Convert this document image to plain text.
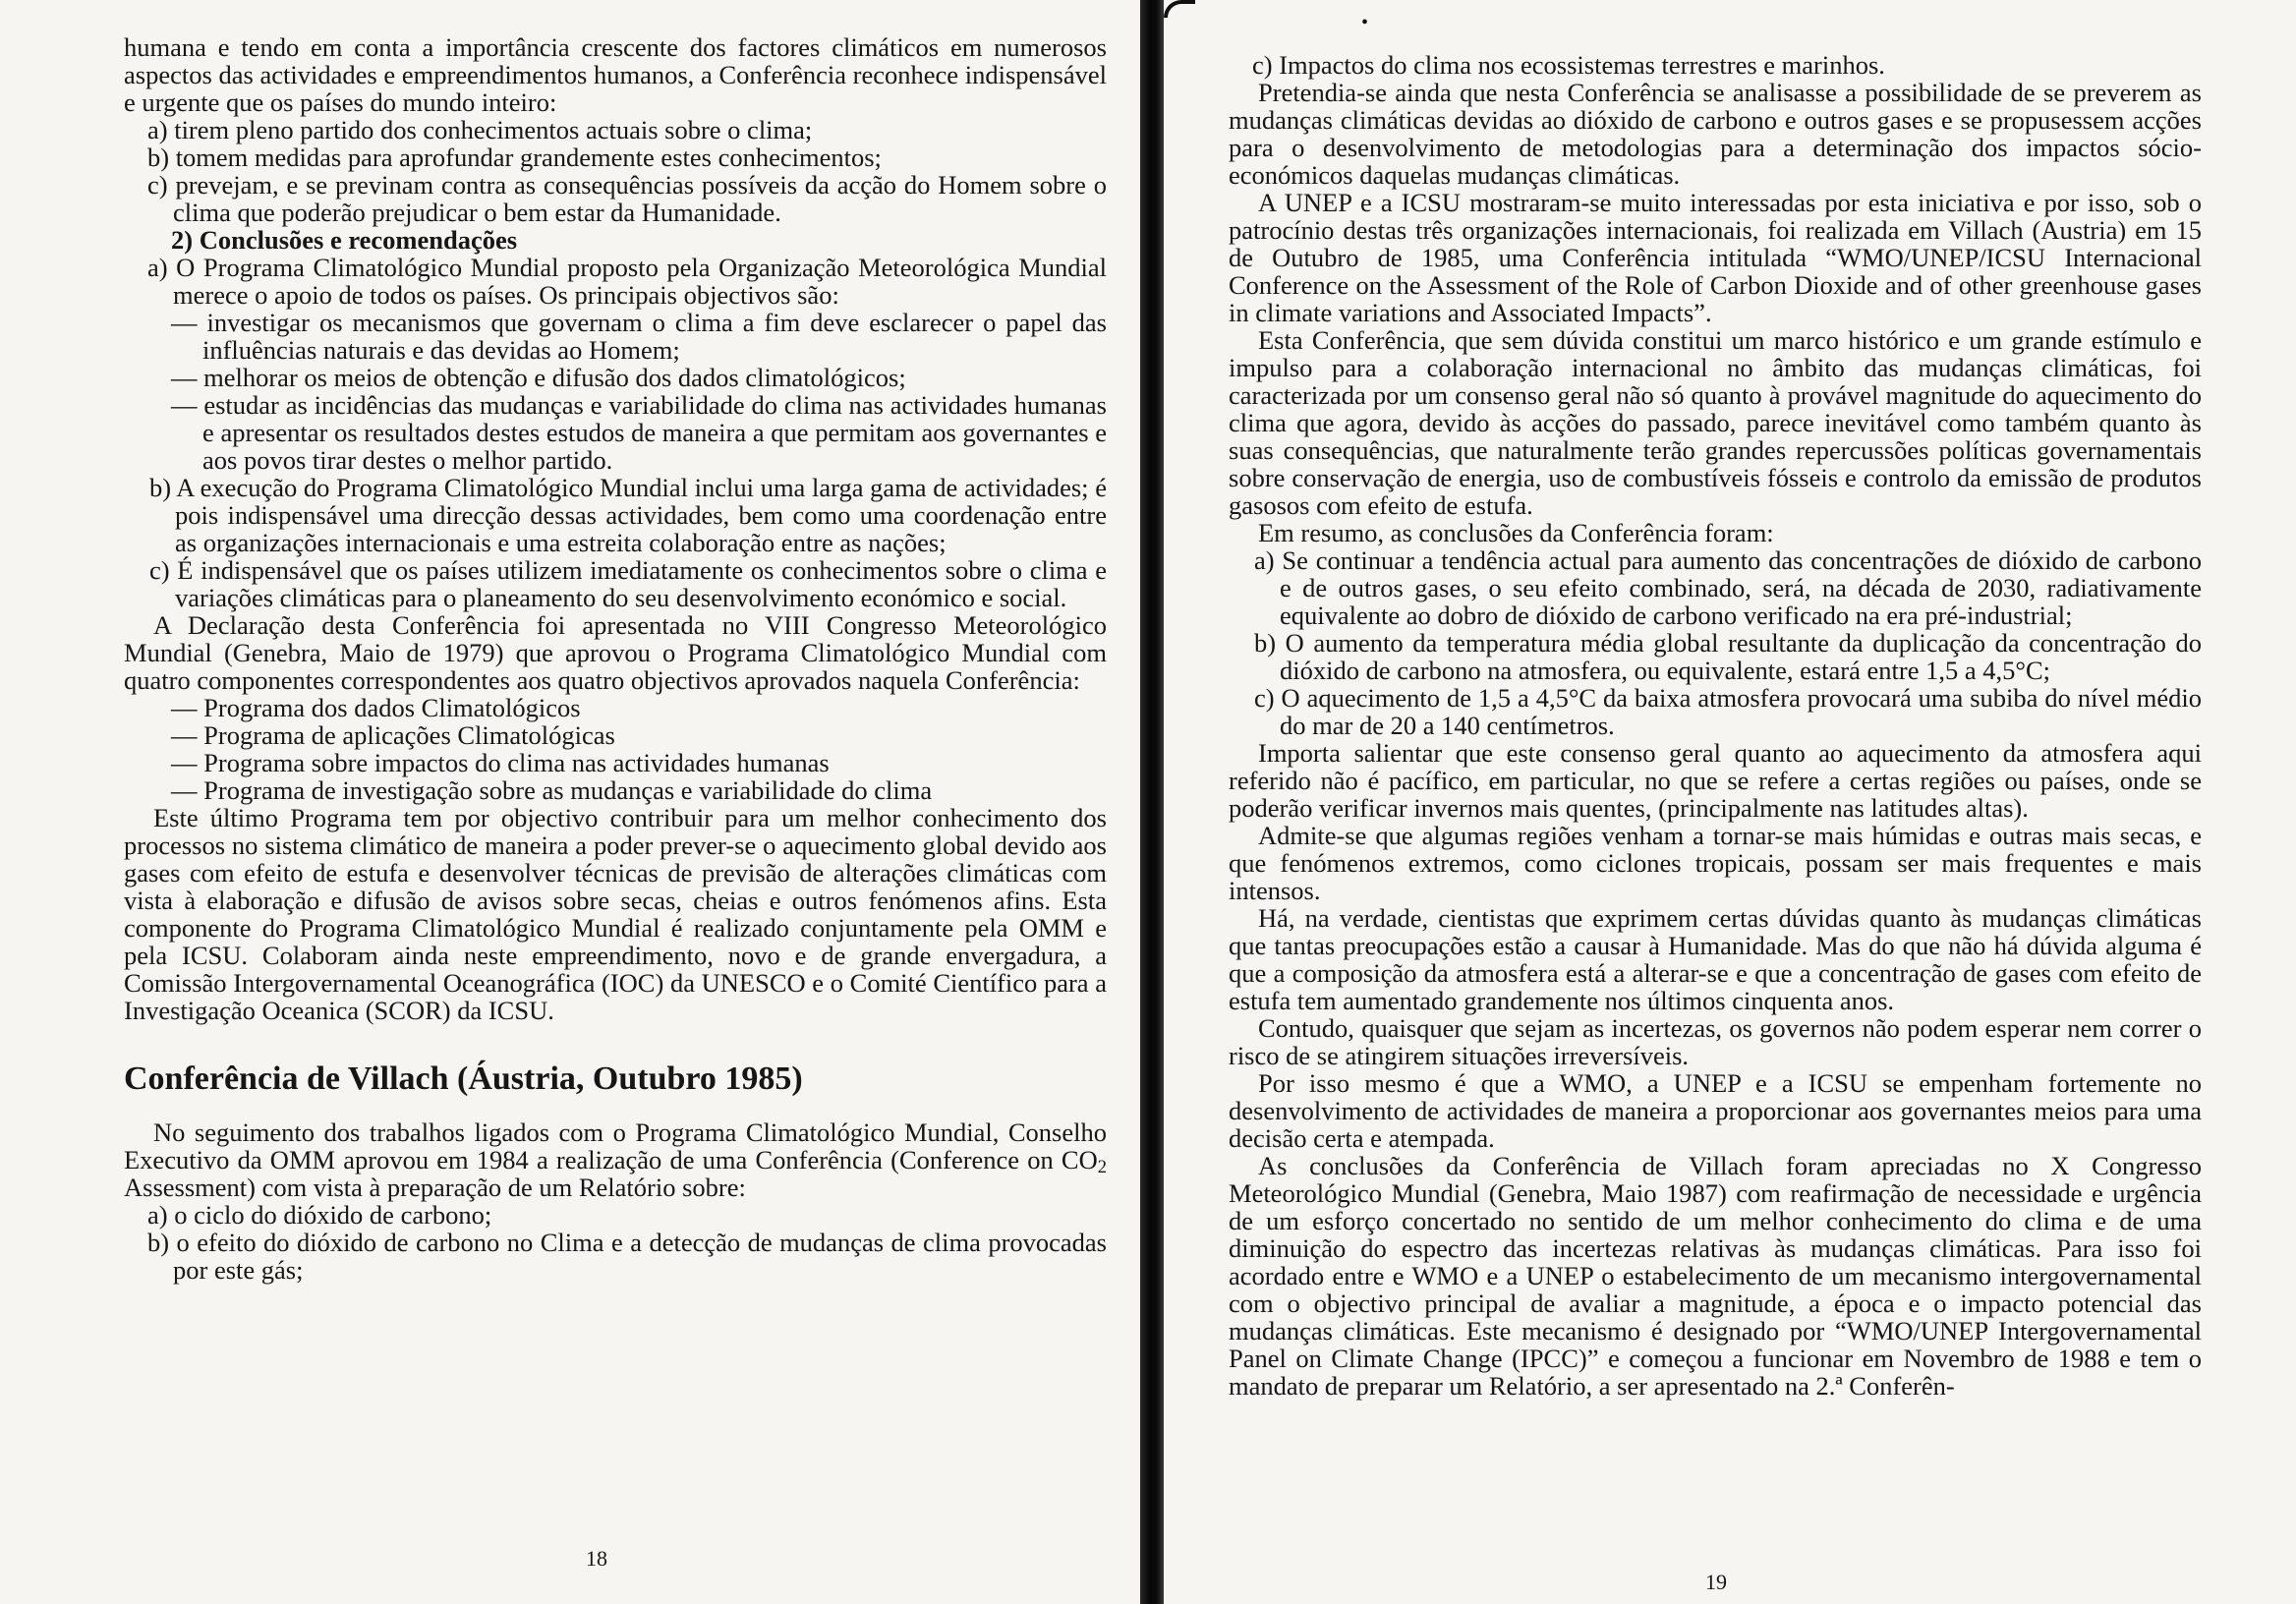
humana e tendo em conta a importância crescente dos factores climáticos em numerosos aspectos das actividades e empreendimentos humanos, a Conferência reconhece indispensável e urgente que os países do mundo inteiro:

a) tirem pleno partido dos conhecimentos actuais sobre o clima;

b) tomem medidas para aprofundar grandemente estes conhecimentos;

c) prevejam, e se previnam contra as consequências possíveis da acção do Homem sobre o clima que poderão prejudicar o bem estar da Humanidade.

2) Conclusões e recomendações

a) O Programa Climatológico Mundial proposto pela Organização Meteorológica Mundial merece o apoio de todos os países. Os principais objectivos são:

— investigar os mecanismos que governam o clima a fim deve esclarecer o papel das influências naturais e das devidas ao Homem;

— melhorar os meios de obtenção e difusão dos dados climatológicos;

— estudar as incidências das mudanças e variabilidade do clima nas actividades humanas e apresentar os resultados destes estudos de maneira a que permitam aos governantes e aos povos tirar destes o melhor partido.

b) A execução do Programa Climatológico Mundial inclui uma larga gama de actividades; é pois indispensável uma direcção dessas actividades, bem como uma coordenação entre as organizações internacionais e uma estreita colaboração entre as nações;

c) É indispensável que os países utilizem imediatamente os conhecimentos sobre o clima e variações climáticas para o planeamento do seu desenvolvimento económico e social.

A Declaração desta Conferência foi apresentada no VIII Congresso Meteorológico Mundial (Genebra, Maio de 1979) que aprovou o Programa Climatológico Mundial com quatro componentes correspondentes aos quatro objectivos aprovados naquela Conferência:

— Programa dos dados Climatológicos

— Programa de aplicações Climatológicas

— Programa sobre impactos do clima nas actividades humanas

— Programa de investigação sobre as mudanças e variabilidade do clima

Este último Programa tem por objectivo contribuir para um melhor conhecimento dos processos no sistema climático de maneira a poder prever-se o aquecimento global devido aos gases com efeito de estufa e desenvolver técnicas de previsão de alterações climáticas com vista à elaboração e difusão de avisos sobre secas, cheias e outros fenómenos afins. Esta componente do Programa Climatológico Mundial é realizado conjuntamente pela OMM e pela ICSU. Colaboram ainda neste empreendimento, novo e de grande envergadura, a Comissão Intergovernamental Oceanográfica (IOC) da UNESCO e o Comité Científico para a Investigação Oceanica (SCOR) da ICSU.

Conferência de Villach (Áustria, Outubro 1985)

No seguimento dos trabalhos ligados com o Programa Climatológico Mundial, Conselho Executivo da OMM aprovou em 1984 a realização de uma Conferência (Conference on $CO_2$ Assessment) com vista à preparação de um Relatório sobre:

a) o ciclo do dióxido de carbono;

b) o efeito do dióxido de carbono no Clima e a detecção de mudanças de clima provocadas por este gás;

18
•

c) Impactos do clima nos ecossistemas terrestres e marinhos.

Pretendia-se ainda que nesta Conferência se analisasse a possibilidade de se preverem as mudanças climáticas devidas ao dióxido de carbono e outros gases e se propusessem acções para o desenvolvimento de metodologias para a determinação dos impactos sócio-económicos daquelas mudanças climáticas.

A UNEP e a ICSU mostraram-se muito interessadas por esta iniciativa e por isso, sob o patrocínio destas três organizações internacionais, foi realizada em Villach (Austria) em 15 de Outubro de 1985, uma Conferência intitulada “WMO/UNEP/ICSU Internacional Conference on the Assessment of the Role of Carbon Dioxide and of other greenhouse gases in climate variations and Associated Impacts”.

Esta Conferência, que sem dúvida constitui um marco histórico e um grande estímulo e impulso para a colaboração internacional no âmbito das mudanças climáticas, foi caracterizada por um consenso geral não só quanto à provável magnitude do aquecimento do clima que agora, devido às acções do passado, parece inevitável como também quanto às suas consequências, que naturalmente terão grandes repercussões políticas governamentais sobre conservação de energia, uso de combustíveis fósseis e controlo da emissão de produtos gasosos com efeito de estufa.

Em resumo, as conclusões da Conferência foram:

a) Se continuar a tendência actual para aumento das concentrações de dióxido de carbono e de outros gases, o seu efeito combinado, será, na década de 2030, radiativamente equivalente ao dobro de dióxido de carbono verificado na era pré-industrial;

b) O aumento da temperatura média global resultante da duplicação da concentração do dióxido de carbono na atmosfera, ou equivalente, estará entre 1,5 a 4,5°C;

c) O aquecimento de 1,5 a 4,5°C da baixa atmosfera provocará uma subiba do nível médio do mar de 20 a 140 centímetros.

Importa salientar que este consenso geral quanto ao aquecimento da atmosfera aqui referido não é pacífico, em particular, no que se refere a certas regiões ou países, onde se poderão verificar invernos mais quentes, (principalmente nas latitudes altas).

Admite-se que algumas regiões venham a tornar-se mais húmidas e outras mais secas, e que fenómenos extremos, como ciclones tropicais, possam ser mais frequentes e mais intensos.

Há, na verdade, cientistas que exprimem certas dúvidas quanto às mudanças climáticas que tantas preocupações estão a causar à Humanidade. Mas do que não há dúvida alguma é que a composição da atmosfera está a alterar-se e que a concentração de gases com efeito de estufa tem aumentado grandemente nos últimos cinquenta anos.

Contudo, quaisquer que sejam as incertezas, os governos não podem esperar nem correr o risco de se atingirem situações irreversíveis.

Por isso mesmo é que a WMO, a UNEP e a ICSU se empenham fortemente no desenvolvimento de actividades de maneira a proporcionar aos governantes meios para uma decisão certa e atempada.

As conclusões da Conferência de Villach foram apreciadas no X Congresso Meteorológico Mundial (Genebra, Maio 1987) com reafirmação de necessidade e urgência de um esforço concertado no sentido de um melhor conhecimento do clima e de uma diminuição do espectro das incertezas relativas às mudanças climáticas. Para isso foi acordado entre e WMO e a UNEP o estabelecimento de um mecanismo intergovernamental com o objectivo principal de avaliar a magnitude, a época e o impacto potencial das mudanças climáticas. Este mecanismo é designado por “WMO/UNEP Intergovernamental Panel on Climate Change (IPCC)” e começou a funcionar em Novembro de 1988 e tem o mandato de preparar um Relatório, a ser apresentado na 2.ª Conferên-

19
